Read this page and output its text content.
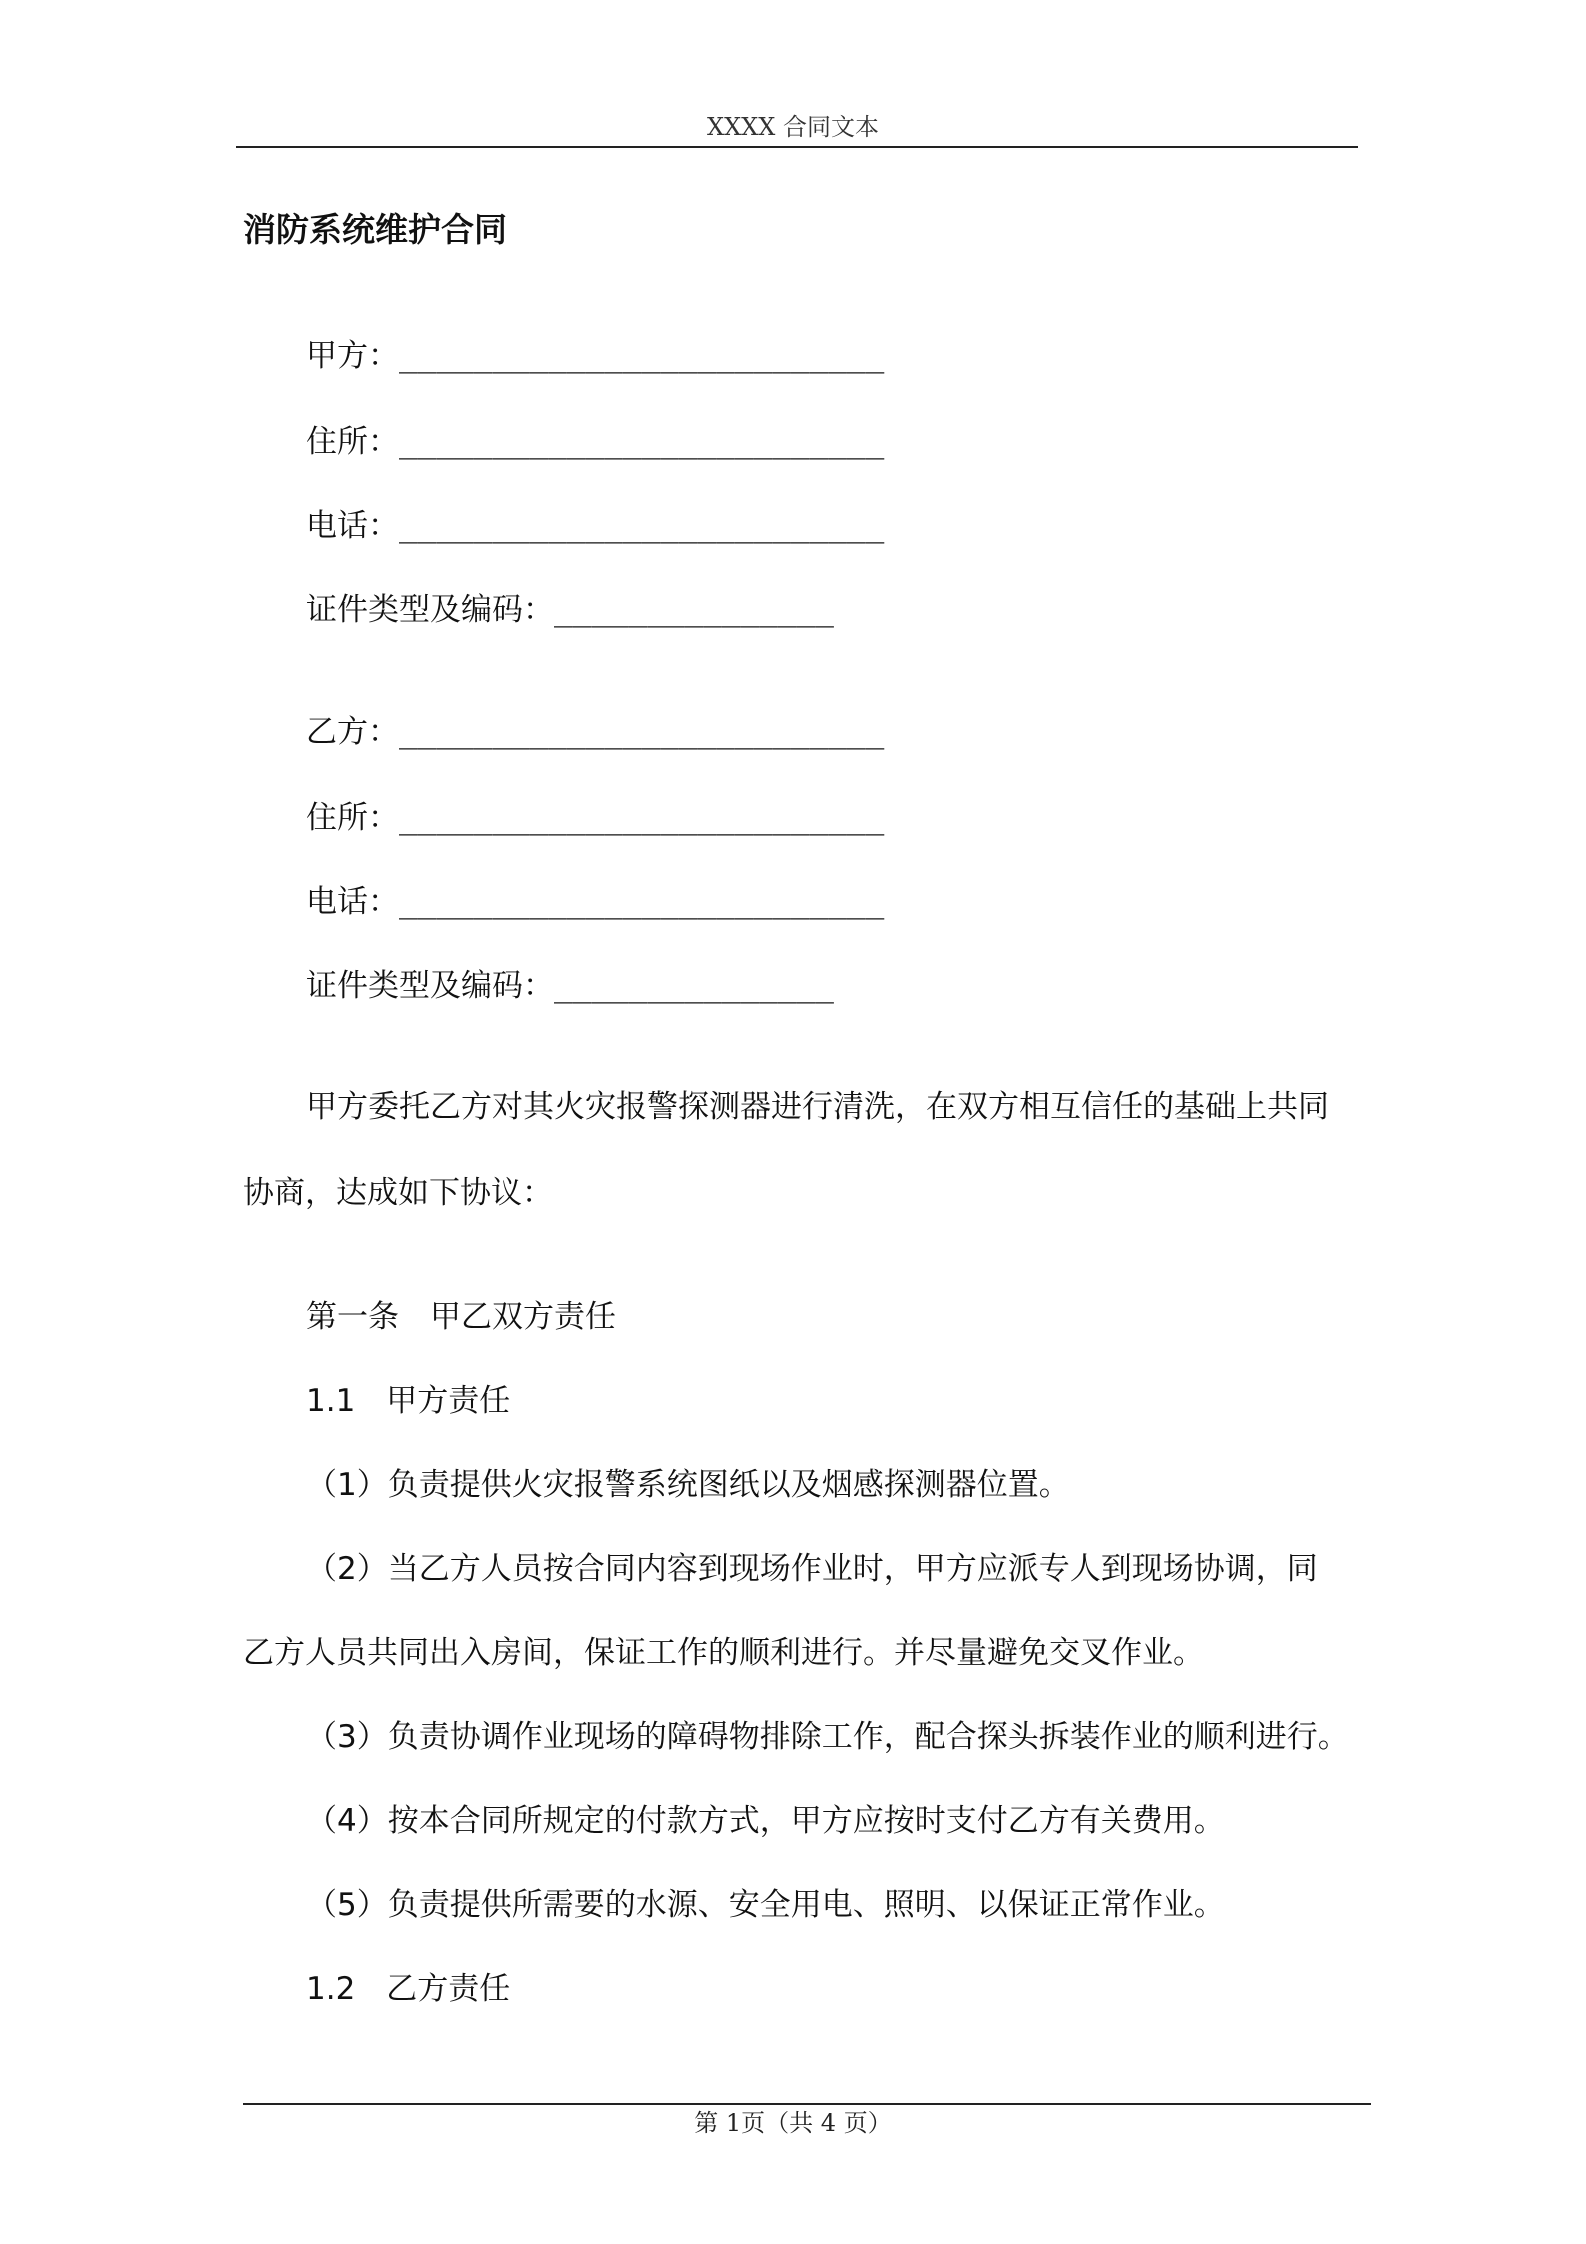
XXXX 合同文本
消防系统维护合同
甲方：__________________________
住所：__________________________
电话：__________________________
证件类型及编码：_______________
乙方：__________________________
住所：__________________________
电话：__________________________
证件类型及编码：_______________
甲方委托乙方对其火灾报警探测器进行清洗，在双方相互信任的基础上共同
协商，达成如下协议：
第一条　甲乙双方责任
1.1　甲方责任
（1）负责提供火灾报警系统图纸以及烟感探测器位置。
（2）当乙方人员按合同内容到现场作业时，甲方应派专人到现场协调，同
乙方人员共同出入房间，保证工作的顺利进行。并尽量避免交叉作业。
（3）负责协调作业现场的障碍物排除工作，配合探头拆装作业的顺利进行。
（4）按本合同所规定的付款方式，甲方应按时支付乙方有关费用。
（5）负责提供所需要的水源、安全用电、照明、以保证正常作业。
1.2　乙方责任
第 1页（共 4 页）
